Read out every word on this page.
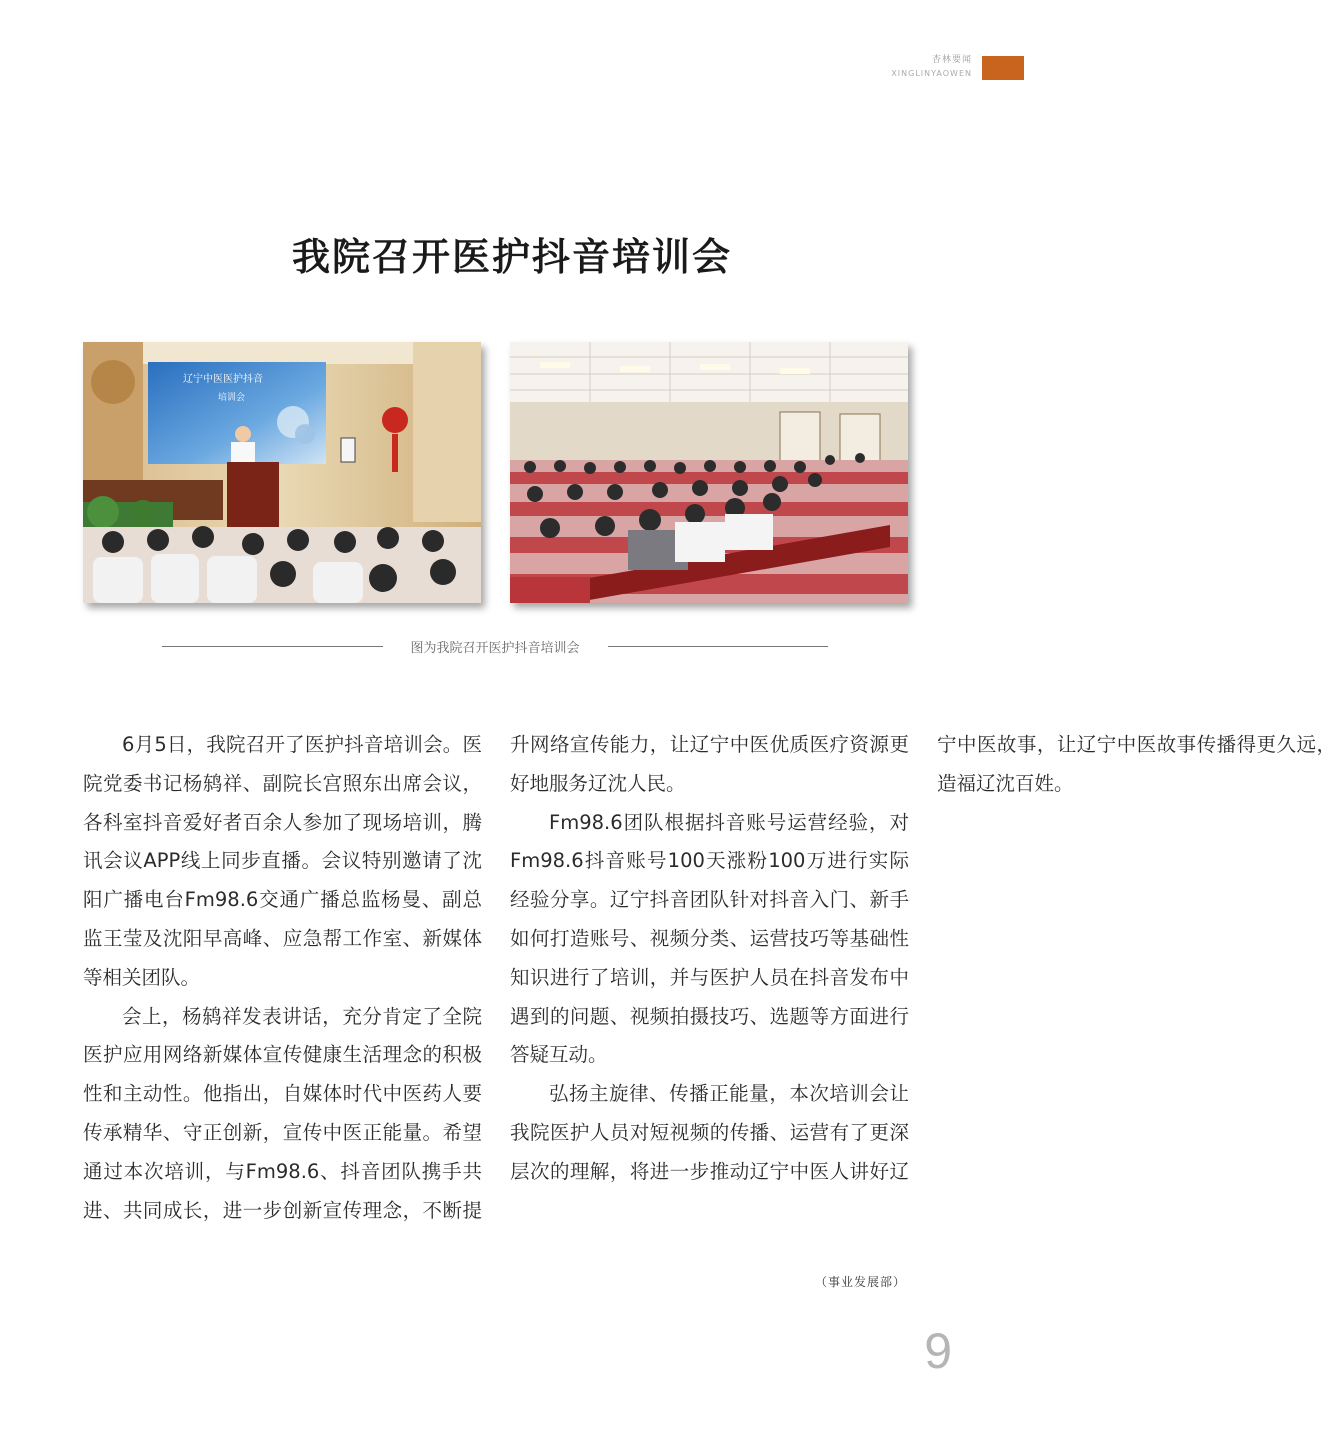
杏林要闻
XINGLINYAOWEN
我院召开医护抖音培训会
辽宁中医医护抖音
培训会
图为我院召开医护抖音培训会

6月5日，我院召开了医护抖音培训会。医院党委书记杨鸫祥、副院长宫照东出席会议，各科室抖音爱好者百余人参加了现场培训，腾讯会议APP线上同步直播。会议特别邀请了沈阳广播电台Fm98.6交通广播总监杨曼、副总监王莹及沈阳早高峰、应急帮工作室、新媒体等相关团队。

会上，杨鸫祥发表讲话，充分肯定了全院医护应用网络新媒体宣传健康生活理念的积极性和主动性。他指出，自媒体时代中医药人要传承精华、守正创新，宣传中医正能量。希望通过本次培训，与Fm98.6、抖音团队携手共进、共同成长，进一步创新宣传理念，不断提升网络宣传能力，让辽宁中医优质医疗资源更好地服务辽沈人民。

Fm98.6团队根据抖音账号运营经验，对Fm98.6抖音账号100天涨粉100万进行实际经验分享。辽宁抖音团队针对抖音入门、新手如何打造账号、视频分类、运营技巧等基础性知识进行了培训，并与医护人员在抖音发布中遇到的问题、视频拍摄技巧、选题等方面进行答疑互动。

弘扬主旋律、传播正能量，本次培训会让我院医护人员对短视频的传播、运营有了更深层次的理解，将进一步推动辽宁中医人讲好辽宁中医故事，让辽宁中医故事传播得更久远，造福辽沈百姓。

（事业发展部）
9
